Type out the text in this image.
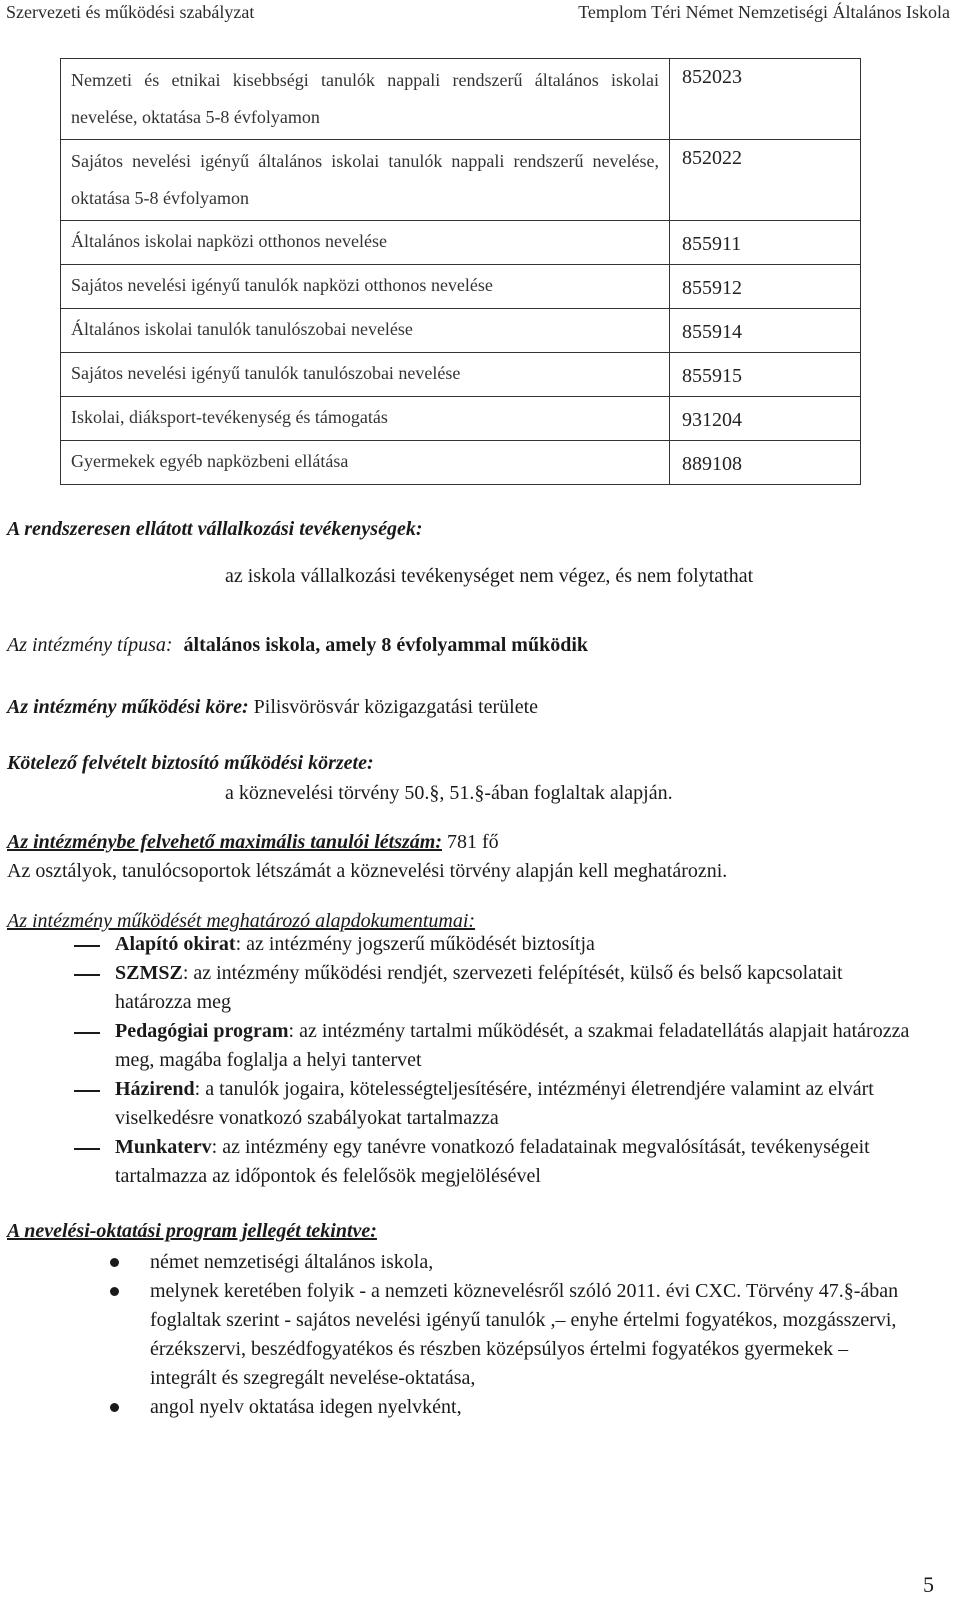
Szervezeti és működési szabályzat	Templom Téri Német Nemzetiségi Általános Iskola
Nemzeti és etnikai kisebbségi tanulók nappali rendszerű általános iskolai nevelése, oktatása 5-8 évfolyamon	852023
Sajátos nevelési igényű általános iskolai tanulók nappali rendszerű nevelése, oktatása 5-8 évfolyamon	852022
Általános iskolai napközi otthonos nevelése	855911
Sajátos nevelési igényű tanulók napközi otthonos nevelése	855912
Általános iskolai tanulók tanulószobai nevelése	855914
Sajátos nevelési igényű tanulók tanulószobai nevelése	855915
Iskolai, diáksport-tevékenység és támogatás	931204
Gyermekek egyéb napközbeni ellátása	889108
A rendszeresen ellátott vállalkozási tevékenységek:
az iskola vállalkozási tevékenységet nem végez, és nem folytathat
Az intézmény típusa: általános iskola, amely 8 évfolyammal működik
Az intézmény működési köre: Pilisvörösvár közigazgatási területe
Kötelező felvételt biztosító működési körzete:
a köznevelési törvény 50.§, 51.§-ában foglaltak alapján.
Az intézménybe felvehető maximális tanulói létszám: 781 fő
Az osztályok, tanulócsoportok létszámát a köznevelési törvény alapján kell meghatározni.
Az intézmény működését meghatározó alapdokumentumai:
Alapító okirat: az intézmény jogszerű működését biztosítja
SZMSZ: az intézmény működési rendjét, szervezeti felépítését, külső és belső kapcsolatait határozza meg
Pedagógiai program: az intézmény tartalmi működését, a szakmai feladatellátás alapjait határozza meg, magába foglalja a helyi tantervet
Házirend: a tanulók jogaira, kötelességteljesítésére, intézményi életrendjére valamint az elvárt viselkedésre vonatkozó szabályokat tartalmazza
Munkaterv: az intézmény egy tanévre vonatkozó feladatainak megvalósítását, tevékenységeit tartalmazza az időpontok és felelősök megjelölésével
A nevelési-oktatási program jellegét tekintve:
német nemzetiségi általános iskola,
melynek keretében folyik - a nemzeti köznevelésről szóló 2011. évi CXC. Törvény 47.§-ában foglaltak szerint - sajátos nevelési igényű tanulók ,– enyhe értelmi fogyatékos, mozgásszervi, érzékszervi, beszédfogyatékos és részben középsúlyos értelmi fogyatékos gyermekek – integrált és szegregált nevelése-oktatása,
angol nyelv oktatása idegen nyelvként,
5
